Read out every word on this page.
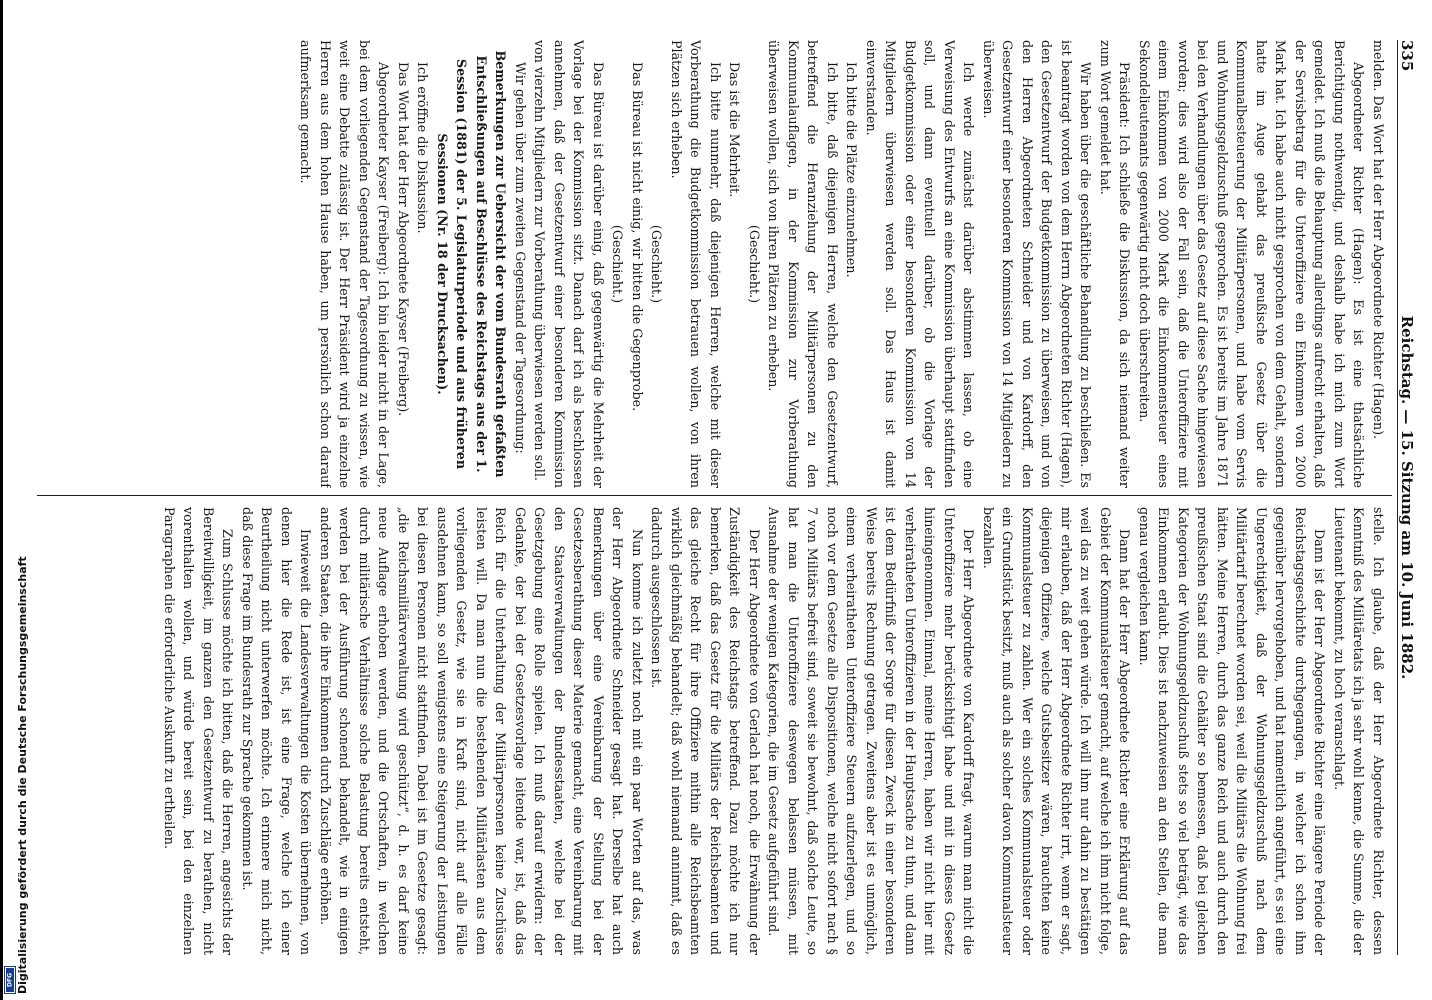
Digitalisierung gefördert durch die Deutsche Forschungsgemeinschaft
DFG
335
Reichstag. — 15. Sitzung am 10. Juni 1882.

melden. Das Wort hat der Herr Abgeordnete Richter (Hagen).

Abgeordneter Richter (Hagen): Es ist eine thatsächliche Berichtigung nothwendig, und deshalb habe ich mich zum Wort gemeldet. Ich muß die Behauptung allerdings aufrecht erhalten, daß der Servisbetrag für die Unteroffiziere ein Einkommen von 2000 Mark hat. Ich habe auch nicht gesprochen von dem Gehalt, sondern hatte im Auge gehabt das preußische Gesetz über die Kommunalbesteuerung der Militärpersonen, und habe vom Servis und Wohnungsgeldzuschuß gesprochen. Es ist bereits im Jahre 1871 bei den Verhandlungen über das Gesetz auf diese Sache hingewiesen worden; dies wird also der Fall sein, daß die Unteroffiziere mit einem Einkommen von 2000 Mark die Einkommensteuer eines Sekondelieutenants gegenwärtig nicht doch überschreiten.

Präsident: Ich schließe die Diskussion, da sich niemand weiter zum Wort gemeldet hat.

Wir haben über die geschäftliche Behandlung zu beschließen. Es ist beantragt worden von dem Herrn Abgeordneten Richter (Hagen), den Gesetzentwurf der Budgetkommission zu überweisen, und von den Herren Abgeordneten Schneider und von Kardorff, den Gesetzentwurf einer besonderen Kommission von 14 Mitgliedern zu überweisen.

Ich werde zunächst darüber abstimmen lassen, ob eine Verweisung des Entwurfs an eine Kommission überhaupt stattfinden soll, und dann eventuell darüber, ob die Vorlage der Budgetkommission oder einer besonderen Kommission von 14 Mitgliedern überwiesen werden soll. Das Haus ist damit einverstanden.

Ich bitte die Plätze einzunehmen.

Ich bitte, daß diejenigen Herren, welche den Gesetzentwurf, betreffend die Heranziehung der Militärpersonen zu den Kommunalauflagen, in der Kommission zur Vorberathung überweisen wollen, sich von ihren Plätzen zu erheben.

(Geschieht.)

Das ist die Mehrheit.

Ich bitte nunmehr, daß diejenigen Herren, welche mit dieser Vorberathung die Budgetkommission betrauen wollen, von ihren Plätzen sich erheben.

(Geschieht.)

Das Büreau ist nicht einig, wir bitten die Gegenprobe.

(Geschieht.)

Das Büreau ist darüber einig, daß gegenwärtig die Mehrheit der Vorlage bei der Kommission sitzt. Danach darf ich als beschlossen annehmen, daß der Gesetzentwurf einer besonderen Kommission von vierzehn Mitgliedern zur Vorberathung überwiesen werden soll.

Wir gehen über zum zweiten Gegenstand der Tagesordnung:

Bemerkungen zur Uebersicht der vom Bundesrath gefaßten Entschließungen auf Beschlüsse des Reichstags aus der 1. Session (1881) der 5. Legislaturperiode und aus früheren Sessionen (Nr. 18 der Drucksachen).

Ich eröffne die Diskussion.

Das Wort hat der Herr Abgeordnete Kayser (Freiberg).

Abgeordneter Kayser (Freiberg): Ich bin leider nicht in der Lage, bei dem vorliegenden Gegenstand der Tagesordnung zu wissen, wie weit eine Debatte zulässig ist. Der Herr Präsident wird ja einzelne Herren aus dem hohen Hause haben, um persönlich schon darauf aufmerksam gemacht.

stelle. Ich glaube, daß der Herr Abgeordnete Richter, dessen Kenntniß des Militäretats ich ja sehr wohl kenne, die Summe, die der Lieutenant bekommt, zu hoch veranschlagt.

Dann ist der Herr Abgeordnete Richter eine längere Periode der Reichstagsgeschichte durchgegangen, in welcher ich schon ihm gegenüber hervorgehoben, und hat namentlich angeführt, es sei eine Ungerechtigkeit, daß der Wohnungsgeldzuschuß nach dem Militärtarif berechnet worden sei, weil die Militärs die Wohnung frei hätten. Meine Herren, durch das ganze Reich und auch durch den preußischen Staat sind die Gehälter so bemessen, daß bei gleichen Kategorien der Wohnungsgeldzuschuß stets so viel beträgt, wie das Einkommen erlaubt. Dies ist nachzuweisen an den Stellen, die man genau vergleichen kann.

Dann hat der Herr Abgeordnete Richter eine Erklärung auf das Gebiet der Kommunalsteuer gemacht, auf welche ich ihm nicht folge, weil das zu weit gehen würde. Ich will ihm nur dahin zu bestätigen mir erlauben, daß der Herr Abgeordnete Richter irrt, wenn er sagt, diejenigen Offiziere, welche Gutsbesitzer wären, brauchten keine Kommunalsteuer zu zahlen. Wer ein solches Kommunalsteuer oder ein Grundstück besitzt, muß auch als solcher davon Kommunalsteuer bezahlen.

Der Herr Abgeordnete von Kardorff fragt, warum man nicht die Unteroffiziere mehr berücksichtigt habe und mit in dieses Gesetz hineingenommen. Einmal, meine Herren, haben wir nicht hier mit verheiratheten Unteroffizieren in der Hauptsache zu thun, und dann ist dem Bedürfniß der Sorge für diesen Zweck in einer besonderen Weise bereits Rechnung getragen. Zweitens aber ist es unmöglich, einem verheiratheten Unteroffiziere Steuern aufzuerlegen, und so noch vor dem Gesetze alle Dispositionen, welche nicht sofort nach § 7 von Militärs befreit sind, soweit sie bewohnt, daß solche Leute, so hat man die Unteroffiziere deswegen belassen müssen, mit Ausnahme der wenigen Kategorien, die im Gesetz aufgeführt sind.

Der Herr Abgeordnete von Gerlach hat noch, die Erwähnung der Zuständigkeit des Reichstags betreffend. Dazu möchte ich nur bemerken, daß das Gesetz für die Militärs der Reichsbeamten und das gleiche Recht für ihre Offiziere mithin alle Reichsbeamten wirklich gleichmäßig behandelt; daß wohl niemand annimmt, daß es dadurch ausgeschlossen ist.

Nun komme ich zuletzt noch mit ein paar Worten auf das, was der Herr Abgeordnete Schneider gesagt hat. Derselbe hat auch Bemerkungen über eine Vereinbarung der Stellung bei der Gesetzesberathung dieser Materie gemacht, eine Vereinbarung mit den Staatsverwaltungen der Bundesstaaten, welche bei der Gesetzgebung eine Rolle spielen. Ich muß darauf erwidern: der Gedanke, der bei der Gesetzesvorlage leitende war, ist, daß das Reich für die Unterhaltung der Militärpersonen keine Zuschüsse leisten will. Da man nun die bestehenden Militärlasten aus dem vorliegenden Gesetz, wie sie in Kraft sind, nicht auf alle Fälle ausdehnen kann, so soll wenigstens eine Steigerung der Leistungen bei diesen Personen nicht stattfinden. Dabei ist im Gesetze gesagt: „die Reichsmilitärverwaltung wird geschützt“, d. h. es darf keine neue Auflage erhoben werden, und die Ortschaften, in welchen durch militärische Verhältnisse solche Belastung bereits entsteht, werden bei der Ausführung schonend behandelt, wie in einigen anderen Staaten, die ihre Einkommen durch Zuschläge erhöhen.

Inwieweit die Landesverwaltungen die Kosten übernehmen, von denen hier die Rede ist, ist eine Frage, welche ich einer Beurtheilung nicht unterwerfen möchte. Ich erinnere mich nicht, daß diese Frage im Bundesrath zur Sprache gekommen ist.

Zum Schlusse möchte ich bitten, daß die Herren, angesichts der Bereitwilligkeit, im ganzen den Gesetzentwurf zu berathen, nicht vorenthalten wollen, und würde bereit sein, bei den einzelnen Paragraphen die erforderliche Auskunft zu ertheilen.
